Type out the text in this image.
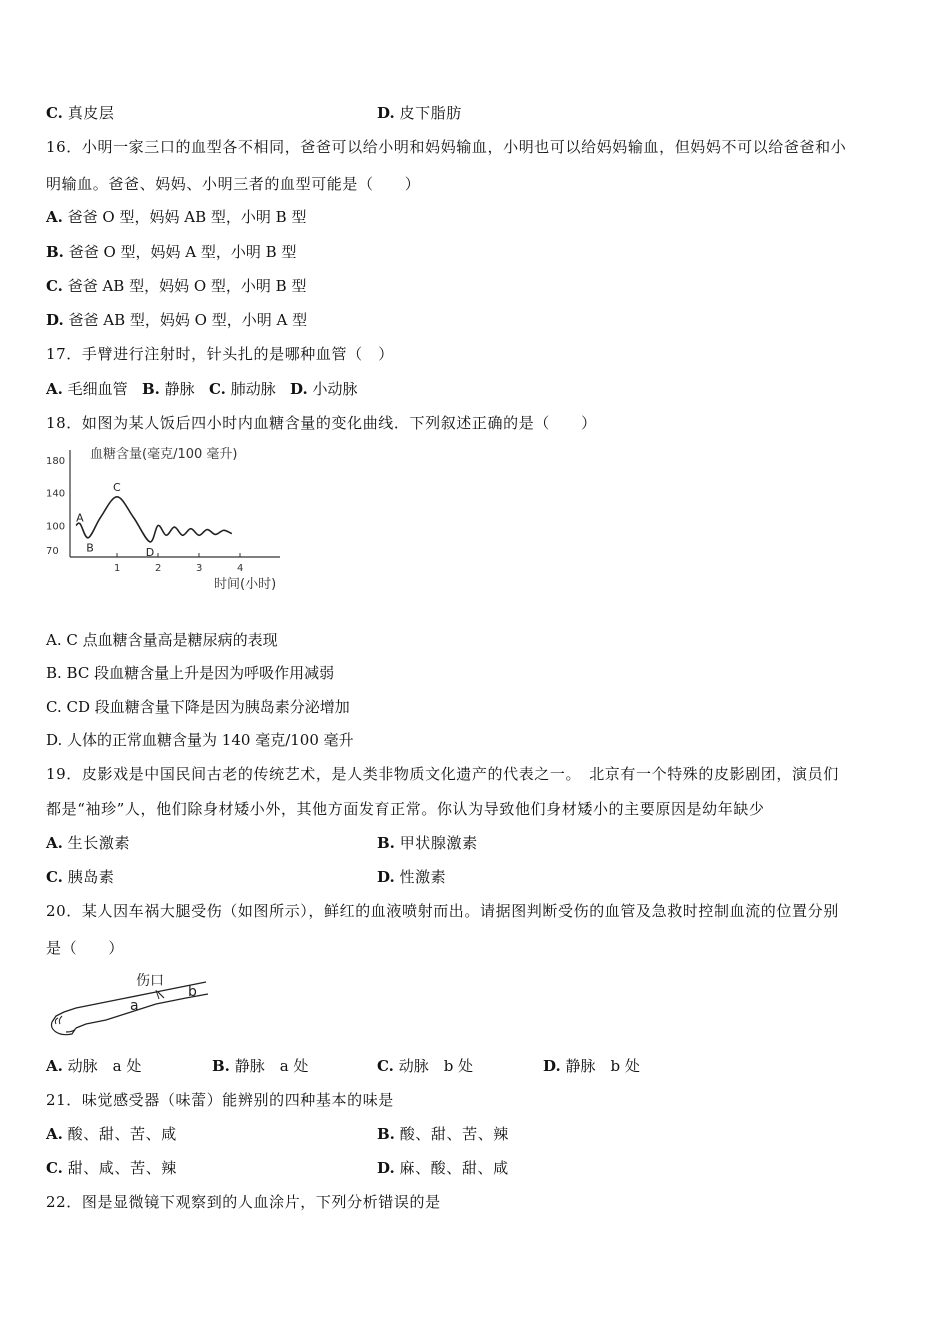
C. 真皮层	D. 皮下脂肪
16．小明一家三口的血型各不相同，爸爸可以给小明和妈妈输血，小明也可以给妈妈输血，但妈妈不可以给爸爸和小
明输血。爸爸、妈妈、小明三者的血型可能是（　　）
A. 爸爸 O 型，妈妈 AB 型，小明 B 型
B. 爸爸 O 型，妈妈 A 型，小明 B 型
C. 爸爸 AB 型，妈妈 O 型，小明 B 型
D. 爸爸 AB 型，妈妈 O 型，小明 A 型
17．手臂进行注射时，针头扎的是哪种血管（　）
A. 毛细血管 B. 静脉 C. 肺动脉 D. 小动脉
18．如图为某人饭后四小时内血糖含量的变化曲线．下列叙述正确的是（　　）
血糖含量(毫克/100 毫升)
180
140
100
70
1	2	3	4
A
B
C
D
时间(小时)
A. C 点血糖含量高是糖尿病的表现
B. BC 段血糖含量上升是因为呼吸作用减弱
C. CD 段血糖含量下降是因为胰岛素分泌增加
D. 人体的正常血糖含量为 140 毫克/100 毫升
19．皮影戏是中国民间古老的传统艺术，是人类非物质文化遗产的代表之一。　北京有一个特殊的皮影剧团，演员们
都是“袖珍”人，他们除身材矮小外，其他方面发育正常。你认为导致他们身材矮小的主要原因是幼年缺少
A. 生长激素	B. 甲状腺激素
C. 胰岛素	D. 性激素
20．某人因车祸大腿受伤（如图所示），鲜红的血液喷射而出。请据图判断受伤的血管及急救时控制血流的位置分别
是（　　）
伤口
a
b
A. 动脉　a 处	B. 静脉　a 处	C. 动脉　b 处	D. 静脉　b 处
21．味觉感受器（味蕾）能辨别的四种基本的味是
A. 酸、甜、苦、咸	B. 酸、甜、苦、辣
C. 甜、咸、苦、辣	D. 麻、酸、甜、咸
22．图是显微镜下观察到的人血涂片，下列分析错误的是
